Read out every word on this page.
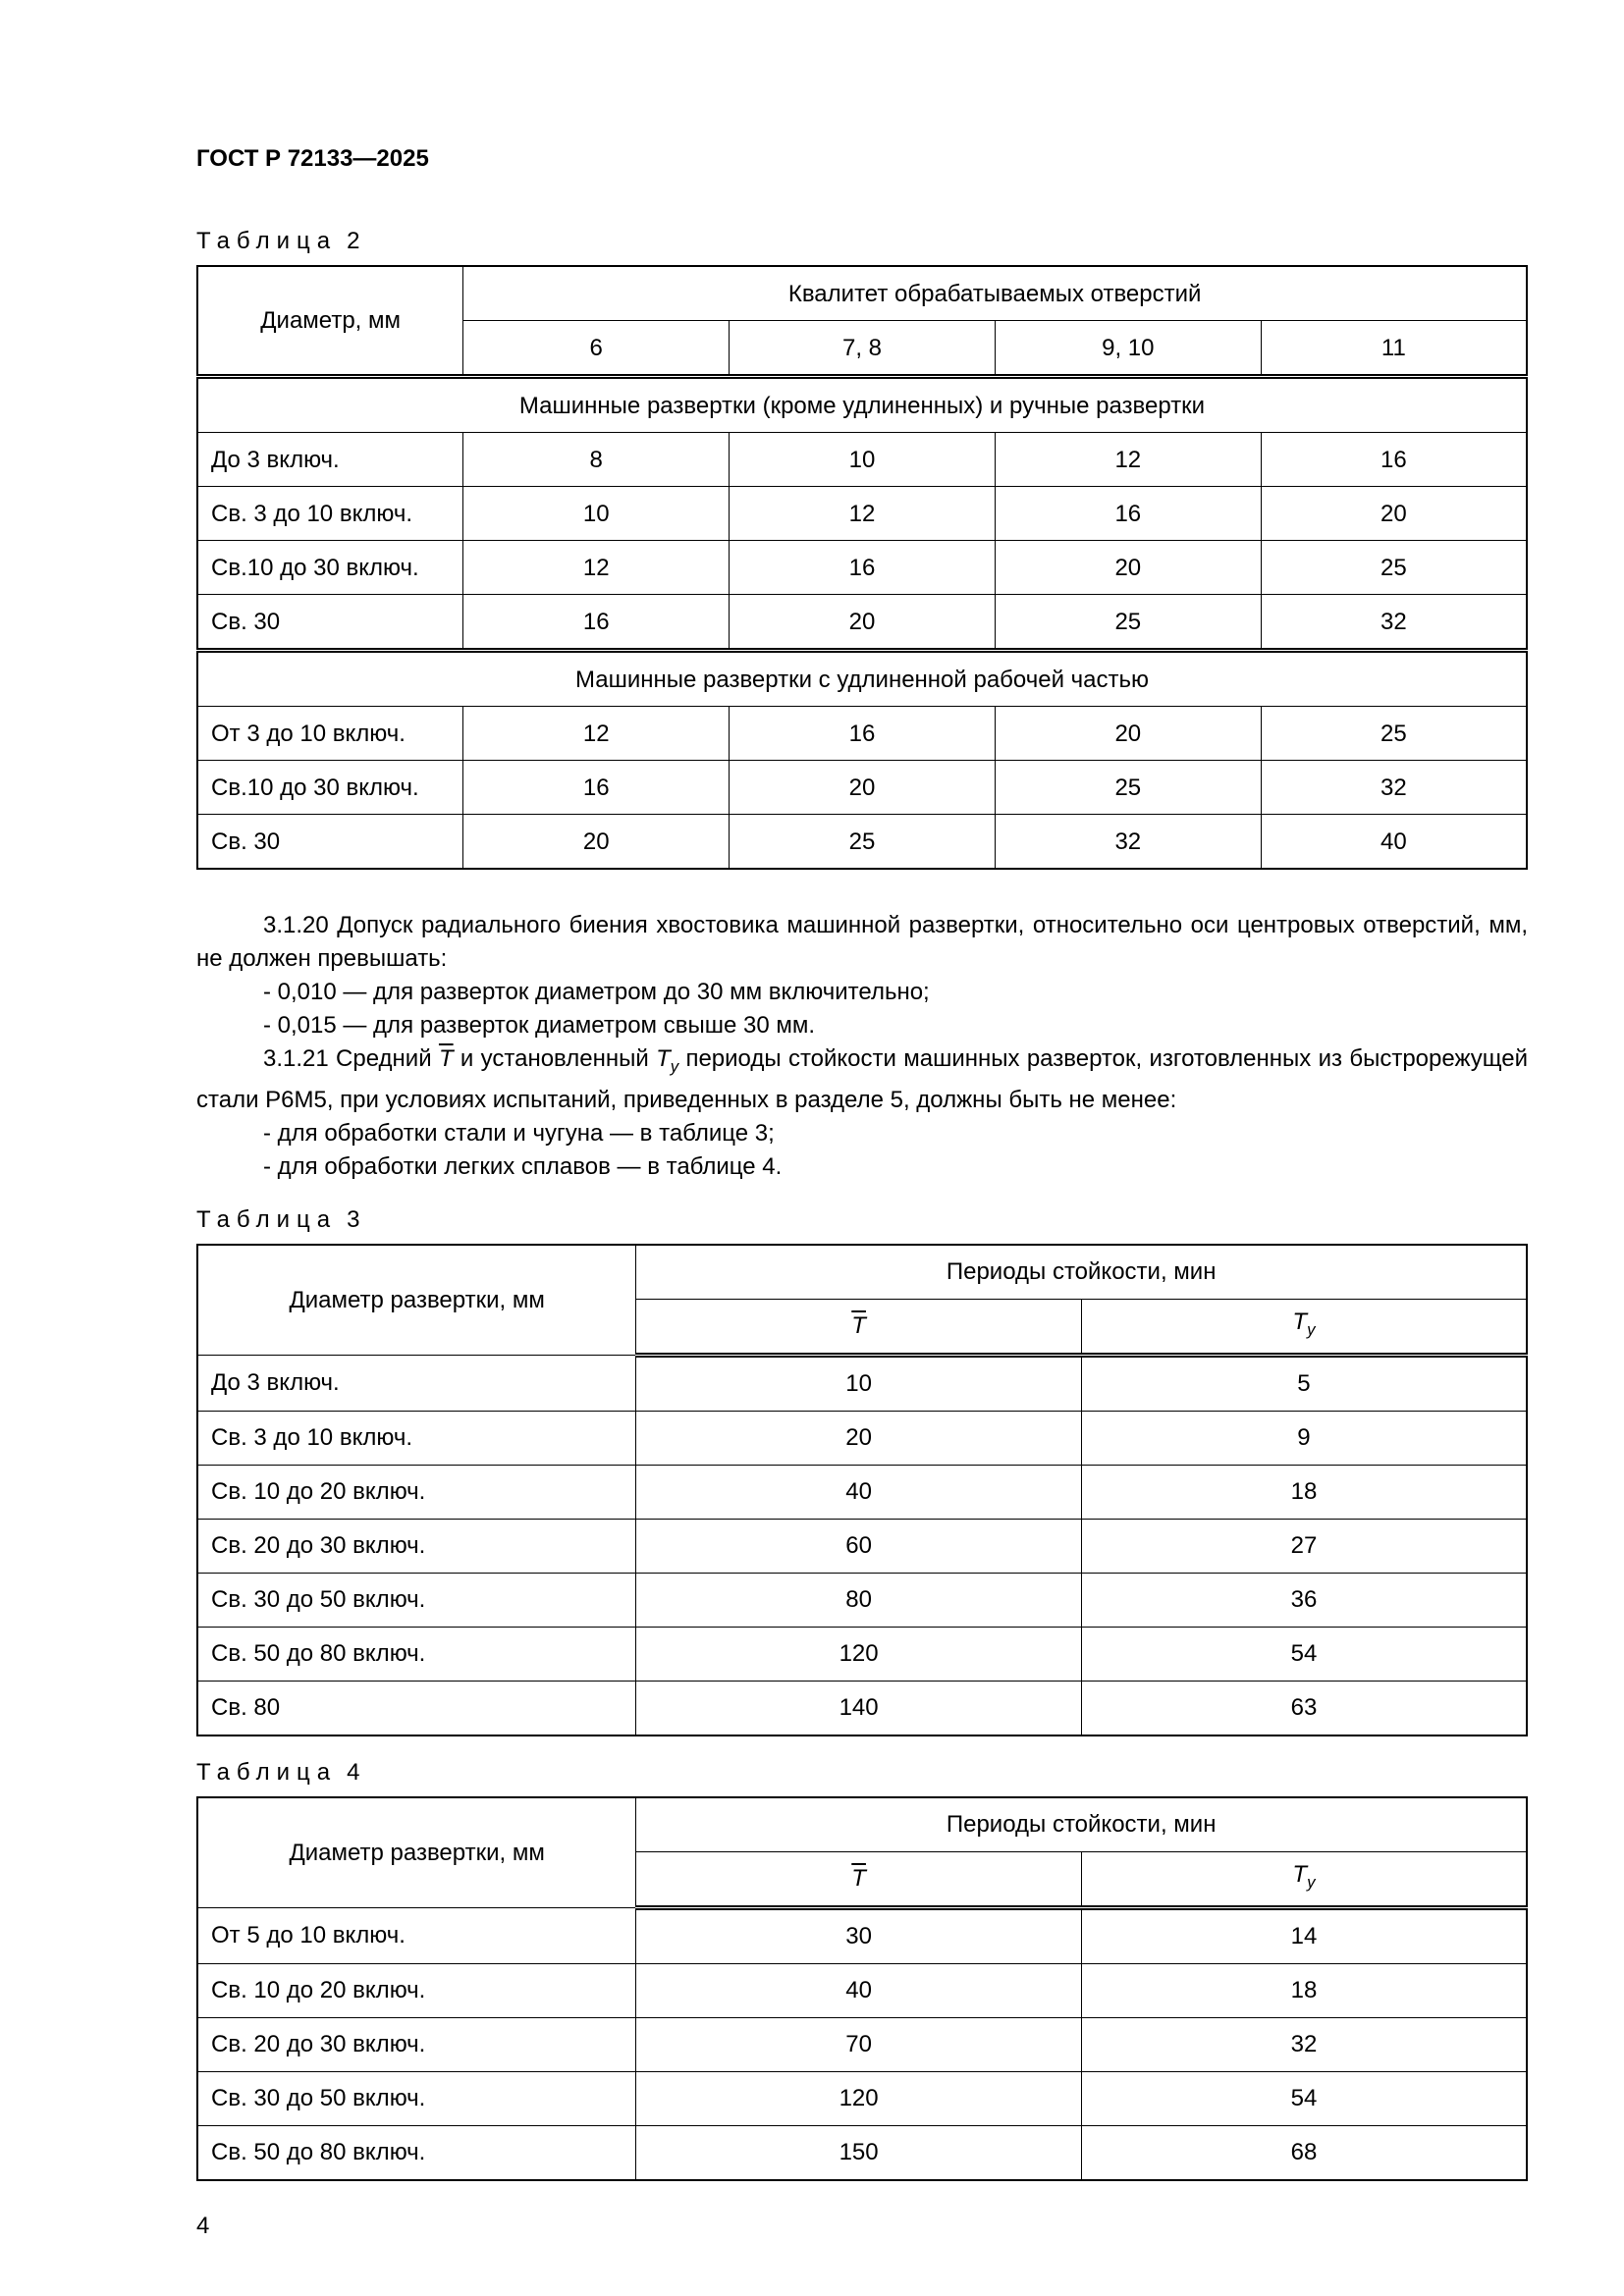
ГОСТ Р 72133—2025
Таблица 2
Диаметр, мм	Квалитет обрабатываемых отверстий			
	6	7, 8	9, 10	11
Машинные развертки (кроме удлиненных) и ручные развертки				
До 3 включ.	8	10	12	16
Св. 3 до 10 включ.	10	12	16	20
Св.10 до 30 включ.	12	16	20	25
Св. 30	16	20	25	32
Машинные развертки с удлиненной рабочей частью				
От 3 до 10 включ.	12	16	20	25
Св.10 до 30 включ.	16	20	25	32
Св. 30	20	25	32	40

3.1.20 Допуск радиального биения хвостовика машинной развертки, относительно оси центровых отверстий, мм, не должен превышать:

- 0,010 — для разверток диаметром до 30 мм включительно;

- 0,015 — для разверток диаметром свыше 30 мм.

3.1.21 Средний $\overline{T}$ и установленный $T_у$ периоды стойкости машинных разверток, изготовленных из быстрорежущей стали Р6М5, при условиях испытаний, приведенных в разделе 5, должны быть не менее:

- для обработки стали и чугуна — в таблице 3;

- для обработки легких сплавов — в таблице 4.

Таблица 3
Диаметр развертки, мм	Периоды стойкости, мин	
	$\overline{T}$	$T_у$
До 3 включ.	10	5
Св. 3 до 10 включ.	20	9
Св. 10 до 20 включ.	40	18
Св. 20 до 30 включ.	60	27
Св. 30 до 50 включ.	80	36
Св. 50 до 80 включ.	120	54
Св. 80	140	63
Таблица 4
Диаметр развертки, мм	Периоды стойкости, мин	
	$\overline{T}$	$T_у$
От 5 до 10 включ.	30	14
Св. 10 до 20 включ.	40	18
Св. 20 до 30 включ.	70	32
Св. 30 до 50 включ.	120	54
Св. 50 до 80 включ.	150	68
4
